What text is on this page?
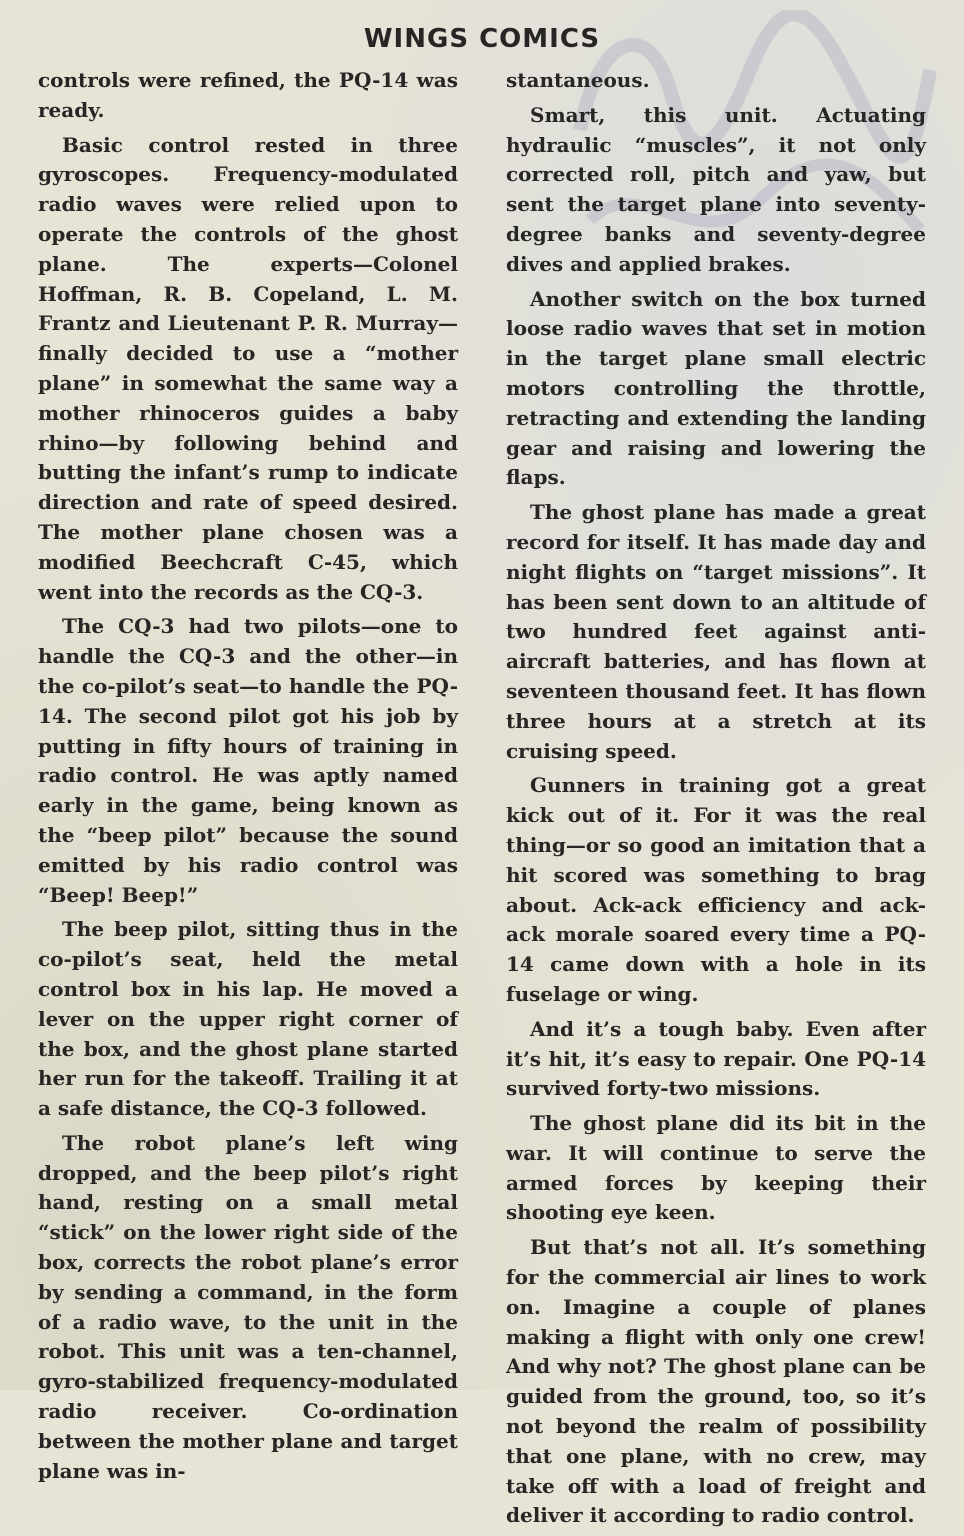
WINGS COMICS

controls were refined, the PQ-14 was ready.

Basic control rested in three gyroscopes. Frequency-modulated radio waves were relied upon to operate the controls of the ghost plane. The experts—Colonel Hoffman, R. B. Copeland, L. M. Frantz and Lieutenant P. R. Murray—finally decided to use a “mother plane” in somewhat the same way a mother rhinoceros guides a baby rhino—by following behind and butting the infant’s rump to indicate direction and rate of speed desired. The mother plane chosen was a modified Beechcraft C-45, which went into the records as the CQ-3.

The CQ-3 had two pilots—one to handle the CQ-3 and the other—in the co-pilot’s seat—to handle the PQ-14. The second pilot got his job by putting in fifty hours of training in radio control. He was aptly named early in the game, being known as the “beep pilot” because the sound emitted by his radio control was “Beep! Beep!”

The beep pilot, sitting thus in the co-pilot’s seat, held the metal control box in his lap. He moved a lever on the upper right corner of the box, and the ghost plane started her run for the takeoff. Trailing it at a safe distance, the CQ-3 followed.

The robot plane’s left wing dropped, and the beep pilot’s right hand, resting on a small metal “stick” on the lower right side of the box, corrects the robot plane’s error by sending a command, in the form of a radio wave, to the unit in the robot. This unit was a ten-channel, gyro-stabilized frequency-modulated radio receiver. Co-ordination between the mother plane and target plane was in-

stantaneous.

Smart, this unit. Actuating hydraulic “muscles”, it not only corrected roll, pitch and yaw, but sent the target plane into seventy-degree banks and seventy-degree dives and applied brakes.

Another switch on the box turned loose radio waves that set in motion in the target plane small electric motors controlling the throttle, retracting and extending the landing gear and raising and lowering the flaps.

The ghost plane has made a great record for itself. It has made day and night flights on “target missions”. It has been sent down to an altitude of two hundred feet against anti-aircraft batteries, and has flown at seventeen thousand feet. It has flown three hours at a stretch at its cruising speed.

Gunners in training got a great kick out of it. For it was the real thing—or so good an imitation that a hit scored was something to brag about. Ack-ack efficiency and ack-ack morale soared every time a PQ-14 came down with a hole in its fuselage or wing.

And it’s a tough baby. Even after it’s hit, it’s easy to repair. One PQ-14 survived forty-two missions.

The ghost plane did its bit in the war. It will continue to serve the armed forces by keeping their shooting eye keen.

But that’s not all. It’s something for the commercial air lines to work on. Imagine a couple of planes making a flight with only one crew! And why not? The ghost plane can be guided from the ground, too, so it’s not beyond the realm of possibility that one plane, with no crew, may take off with a load of freight and deliver it according to radio control.
